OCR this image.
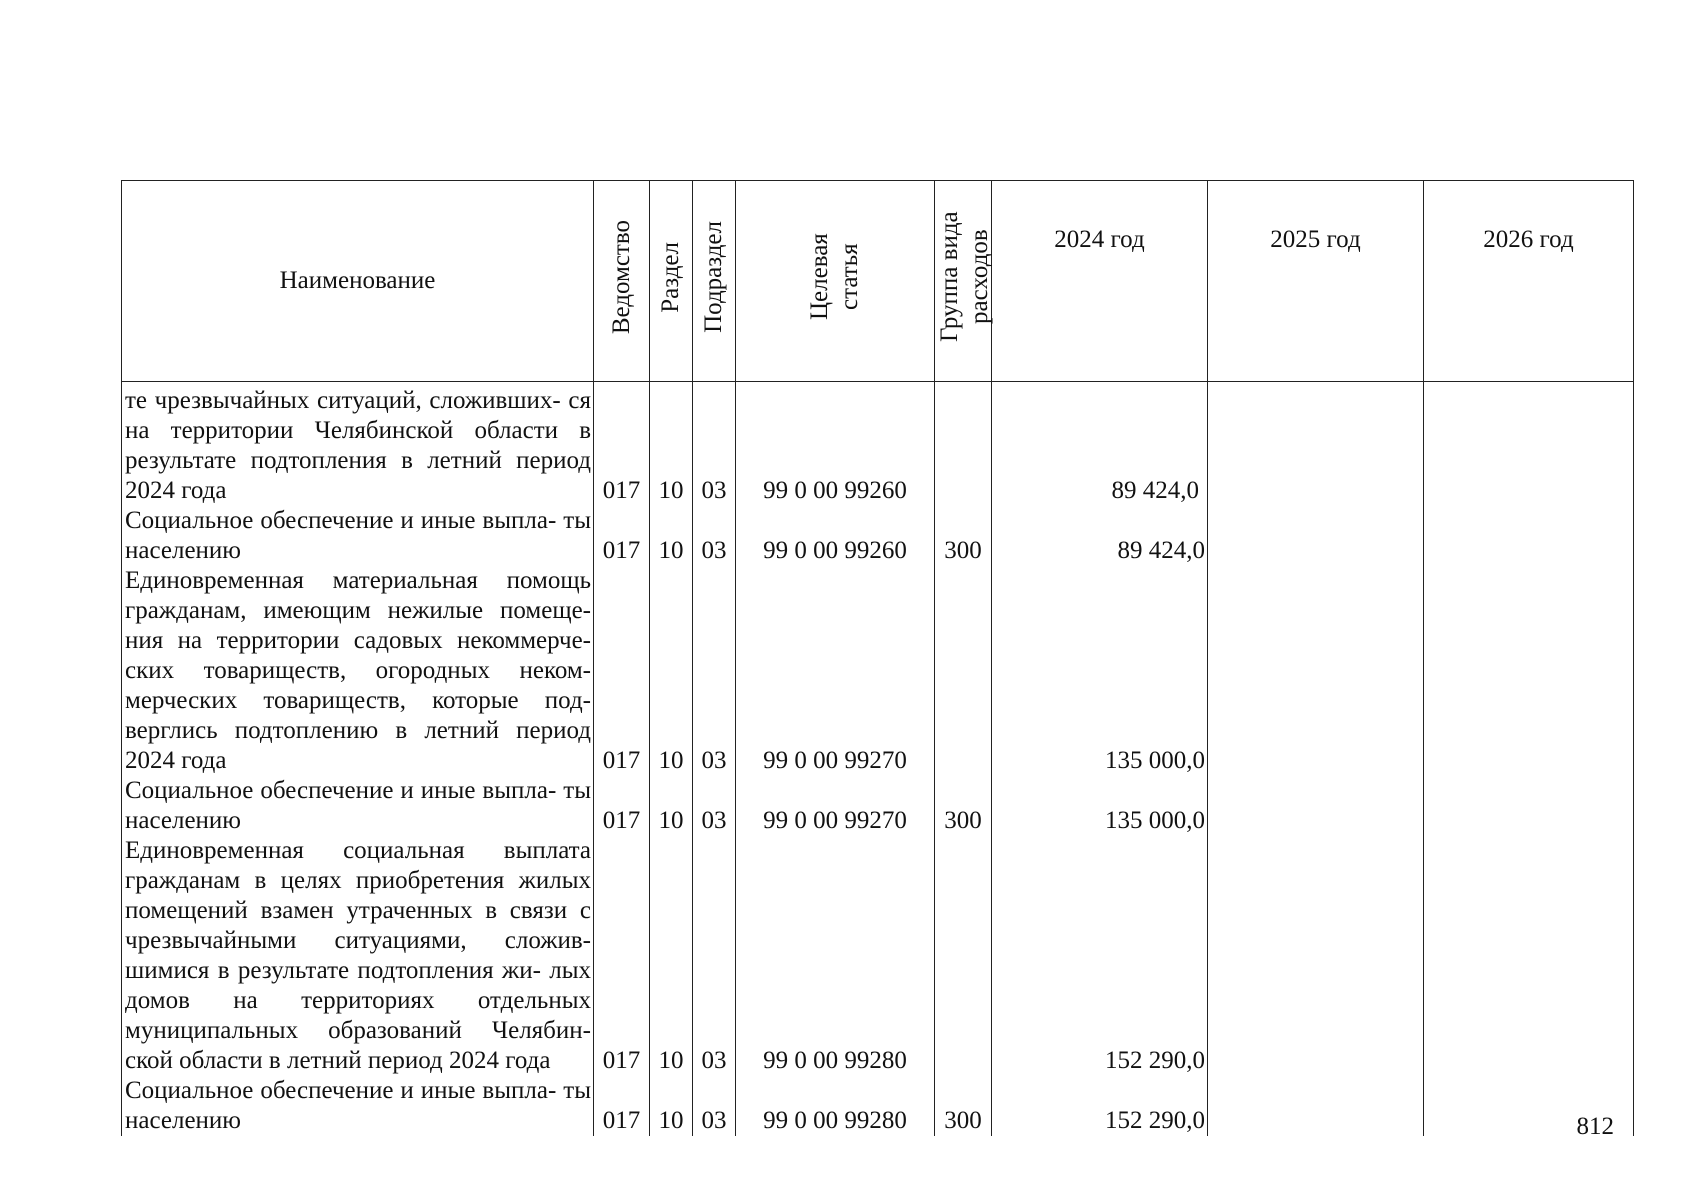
Наименование	Ведомство	Раздел	Подраздел	Целевая статья	Группа вида расходов	2024 год	2025 год	2026 год
те чрезвычайных ситуаций, сложивших- ся на территории Челябинской области в результате подтопления в летний период 2024 года	017	10	03	99 0 00 99260		89 424,0		
Социальное обеспечение и иные выпла- ты населению	017	10	03	99 0 00 99260	300	89 424,0		
Единовременная материальная помощь гражданам, имеющим нежилые помеще- ния на территории садовых некоммерче- ских товариществ, огородных неком- мерческих товариществ, которые под- верглись подтоплению в летний период 2024 года	017	10	03	99 0 00 99270		135 000,0		
Социальное обеспечение и иные выпла- ты населению	017	10	03	99 0 00 99270	300	135 000,0		
Единовременная социальная выплата гражданам в целях приобретения жилых помещений взамен утраченных в связи с чрезвычайными ситуациями, сложив- шимися в результате подтопления жи- лых домов на территориях отдельных муниципальных образований Челябин- ской области в летний период 2024 года	017	10	03	99 0 00 99280		152 290,0		
Социальное обеспечение и иные выпла- ты населению	017	10	03	99 0 00 99280	300	152 290,0			812
